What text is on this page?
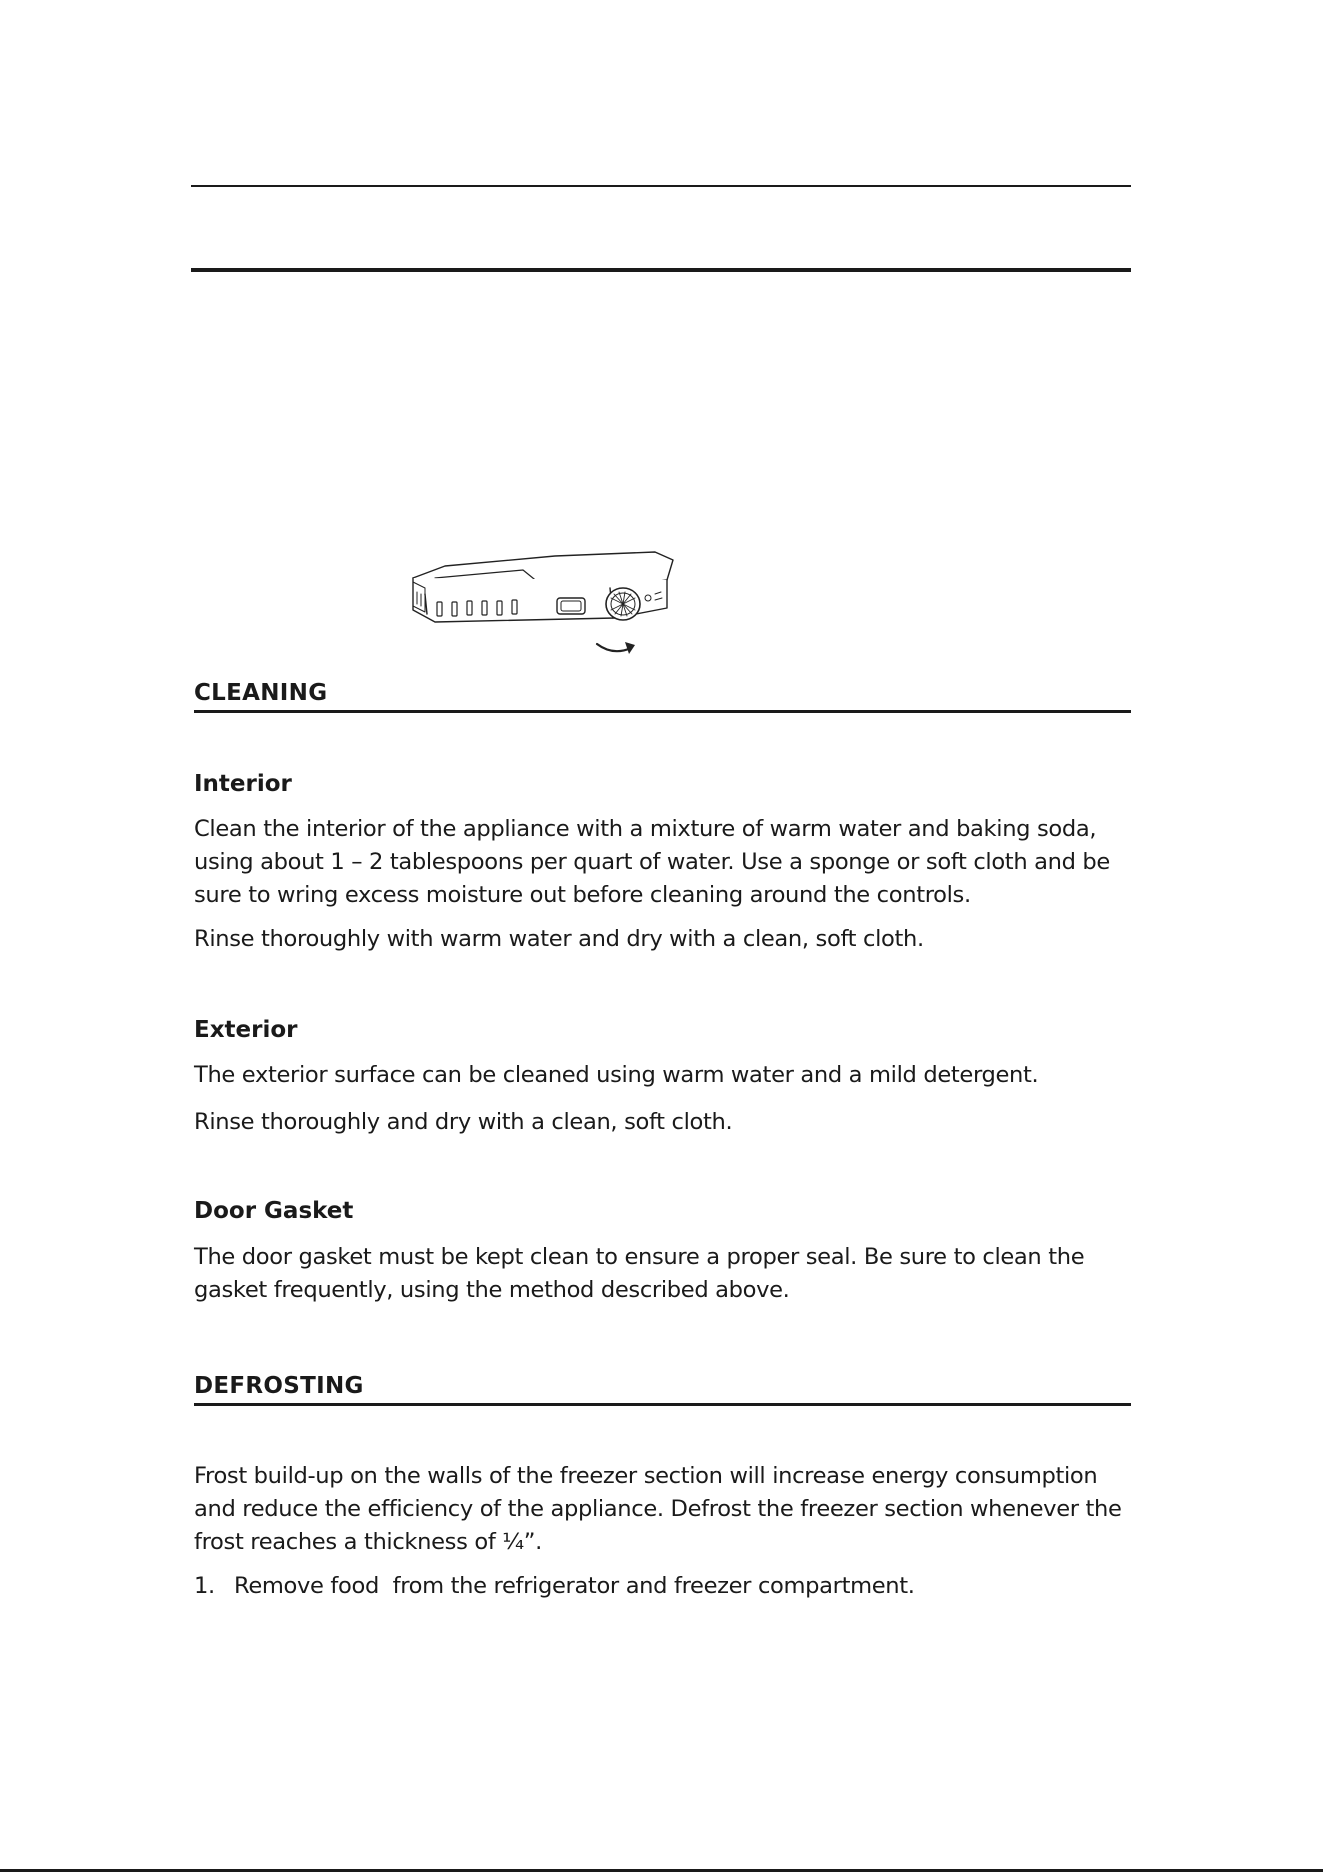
CLEANING
Interior

Clean the interior of the appliance with a mixture of warm water and baking soda, using about 1 – 2 tablespoons per quart of water. Use a sponge or soft cloth and be sure to wring excess moisture out before cleaning around the controls.

Rinse thoroughly with warm water and dry with a clean, soft cloth.

Exterior

The exterior surface can be cleaned using warm water and a mild detergent.

Rinse thoroughly and dry with a clean, soft cloth.

Door Gasket

The door gasket must be kept clean to ensure a proper seal. Be sure to clean the gasket frequently, using the method described above.

DEFROSTING

Frost build-up on the walls of the freezer section will increase energy consumption and reduce the efficiency of the appliance. Defrost the freezer section whenever the frost reaches a thickness of ¼”.

1. Remove food  from the refrigerator and freezer compartment.
